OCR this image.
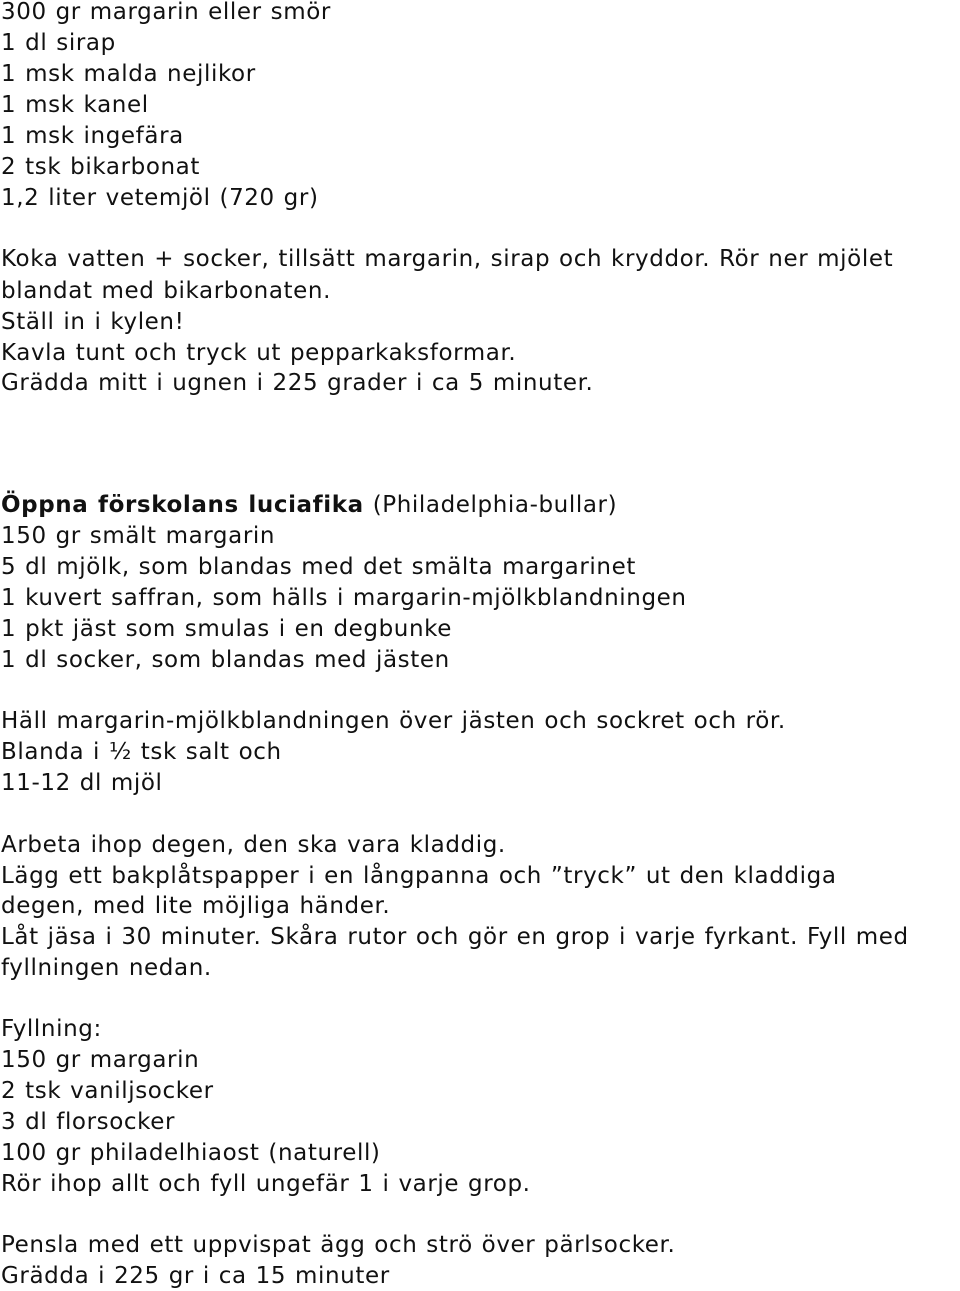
300 gr margarin eller smör
1 dl sirap
1 msk malda nejlikor
1 msk kanel
1 msk ingefära
2 tsk bikarbonat
1,2 liter vetemjöl (720 gr)
Koka vatten + socker, tillsätt margarin, sirap och kryddor. Rör ner mjölet
blandat med bikarbonaten.
Ställ in i kylen!
Kavla tunt och tryck ut pepparkaksformar.
Grädda mitt i ugnen i 225 grader i ca 5 minuter.
Öppna förskolans luciafika (Philadelphia-bullar)
150 gr smält margarin
5 dl mjölk, som blandas med det smälta margarinet
1 kuvert saffran, som hälls i margarin-mjölkblandningen
1 pkt jäst som smulas i en degbunke
1 dl socker, som blandas med jästen
Häll margarin-mjölkblandningen över jästen och sockret och rör.
Blanda i ½ tsk salt och
11-12 dl mjöl
Arbeta ihop degen, den ska vara kladdig.
Lägg ett bakplåtspapper i en långpanna och ”tryck” ut den kladdiga
degen, med lite möjliga händer.
Låt jäsa i 30 minuter. Skåra rutor och gör en grop i varje fyrkant. Fyll med
fyllningen nedan.
Fyllning:
150 gr margarin
2 tsk vaniljsocker
3 dl florsocker
100 gr philadelhiaost (naturell)
Rör ihop allt och fyll ungefär 1 i varje grop.
Pensla med ett uppvispat ägg och strö över pärlsocker.
Grädda i 225 gr i ca 15 minuter
